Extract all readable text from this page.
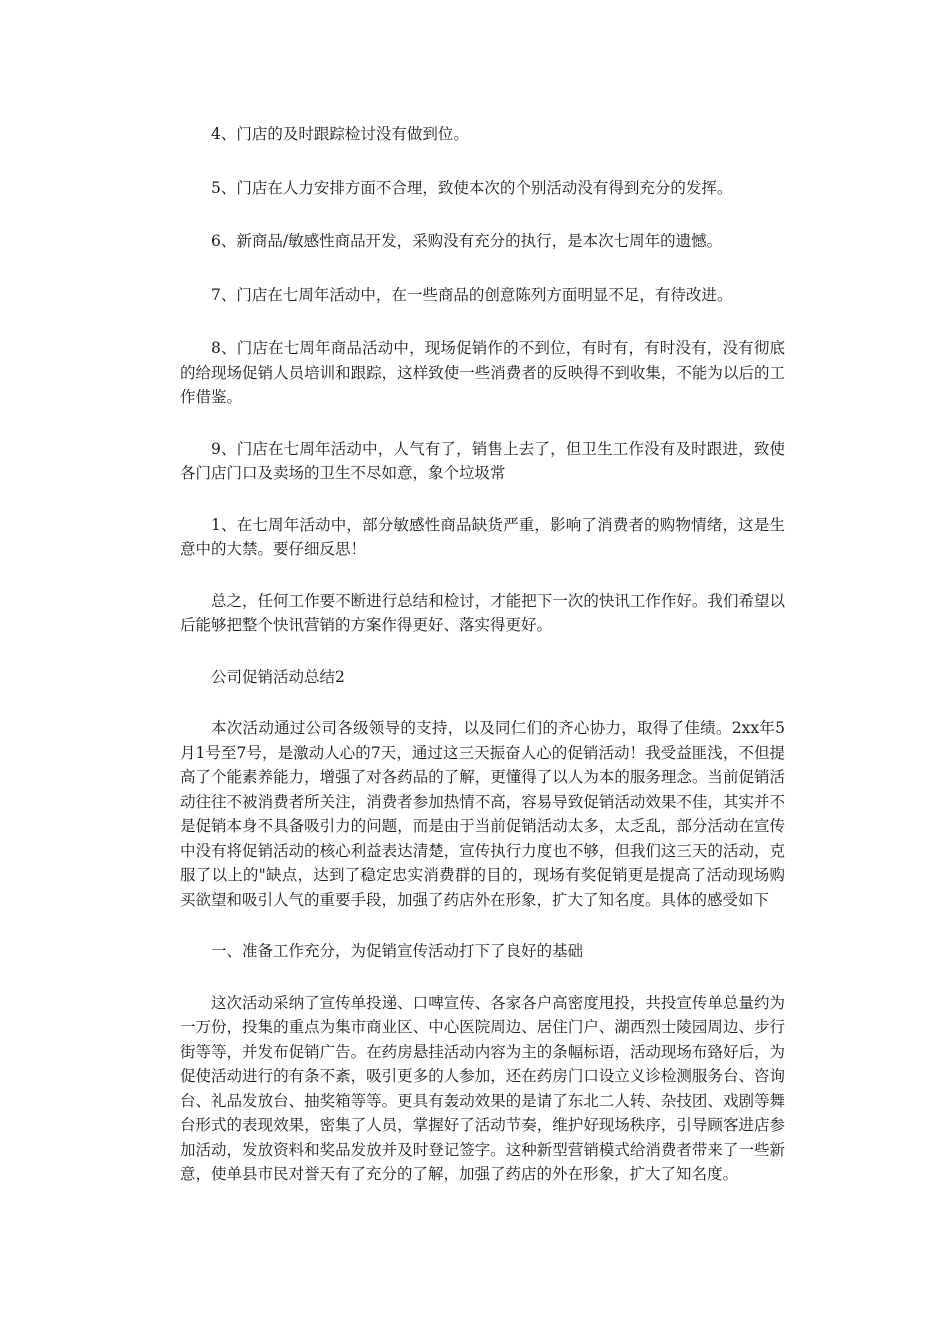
4、门店的及时跟踪检讨没有做到位。

5、门店在人力安排方面不合理，致使本次的个别活动没有得到充分的发挥。

6、新商品/敏感性商品开发，采购没有充分的执行，是本次七周年的遗憾。

7、门店在七周年活动中，在一些商品的创意陈列方面明显不足，有待改进。

8、门店在七周年商品活动中，现场促销作的不到位，有时有，有时没有，没有彻底的给现场促销人员培训和跟踪，这样致使一些消费者的反映得不到收集，不能为以后的工作借鉴。

9、门店在七周年活动中，人气有了，销售上去了，但卫生工作没有及时跟进，致使各门店门口及卖场的卫生不尽如意，象个垃圾常

1、在七周年活动中，部分敏感性商品缺货严重，影响了消费者的购物情绪，这是生意中的大禁。要仔细反思！

总之，任何工作要不断进行总结和检讨，才能把下一次的快讯工作作好。我们希望以后能够把整个快讯营销的方案作得更好、落实得更好。

公司促销活动总结2

本次活动通过公司各级领导的支持，以及同仁们的齐心协力，取得了佳绩。2xx年5月1号至7号，是激动人心的7天，通过这三天振奋人心的促销活动！我受益匪浅，不但提高了个能素养能力，增强了对各药品的了解，更懂得了以人为本的服务理念。当前促销活动往往不被消费者所关注，消费者参加热情不高，容易导致促销活动效果不佳，其实并不是促销本身不具备吸引力的问题，而是由于当前促销活动太多，太乏乱，部分活动在宣传中没有将促销活动的核心利益表达清楚，宣传执行力度也不够，但我们这三天的活动，克服了以上的"缺点，达到了稳定忠实消费群的目的，现场有奖促销更是提高了活动现场购买欲望和吸引人气的重要手段，加强了药店外在形象，扩大了知名度。具体的感受如下

一、准备工作充分，为促销宣传活动打下了良好的基础

这次活动采纳了宣传单投递、口啤宣传、各家各户高密度甩投，共投宣传单总量约为一万份，投集的重点为集市商业区、中心医院周边、居住门户、湖西烈士陵园周边、步行街等等，并发布促销广告。在药房悬挂活动内容为主的条幅标语，活动现场布臵好后，为促使活动进行的有条不紊，吸引更多的人参加，还在药房门口设立义诊检测服务台、咨询台、礼品发放台、抽奖箱等等。更具有轰动效果的是请了东北二人转、杂技团、戏剧等舞台形式的表现效果，密集了人员，掌握好了活动节奏，维护好现场秩序，引导顾客进店参加活动，发放资料和奖品发放并及时登记签字。这种新型营销模式给消费者带来了一些新意，使单县市民对誉天有了充分的了解，加强了药店的外在形象，扩大了知名度。
